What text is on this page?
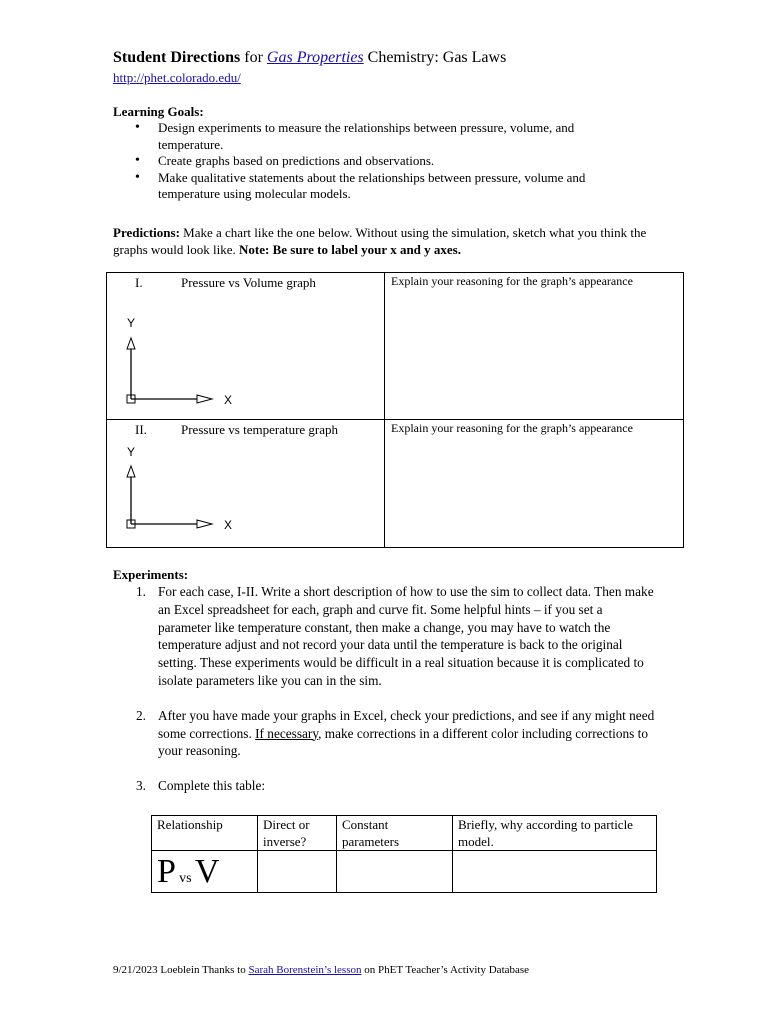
Student Directions for Gas Properties Chemistry: Gas Laws
http://phet.colorado.edu/
Learning Goals:
• Design experiments to measure the relationships between pressure, volume, and temperature.
• Create graphs based on predictions and observations.
• Make qualitative statements about the relationships between pressure, volume and temperature using molecular models.
Predictions: Make a chart like the one below. Without using the simulation, sketch what you think the graphs would look like. Note: Be sure to label your x and y axes.
I. Pressure vs Volume graph
Y
X	Explain your reasoning for the graph’s appearance

II. Pressure vs temperature graph
Y
X	Explain your reasoning for the graph’s appearance
Experiments:
1. For each case, I-II. Write a short description of how to use the sim to collect data. Then make an Excel spreadsheet for each, graph and curve fit. Some helpful hints – if you set a parameter like temperature constant, then make a change, you may have to watch the temperature adjust and not record your data until the temperature is back to the original setting. These experiments would be difficult in a real situation because it is complicated to isolate parameters like you can in the sim.
2. After you have made your graphs in Excel, check your predictions, and see if any might need some corrections. If necessary, make corrections in a different color including corrections to your reasoning.
3. Complete this table:
Relationship	Direct or inverse?	Constant parameters	Briefly, why according to particle model.
P vs V			
9/21/2023 Loeblein Thanks to Sarah Borenstein’s lesson on PhET Teacher’s Activity Database
